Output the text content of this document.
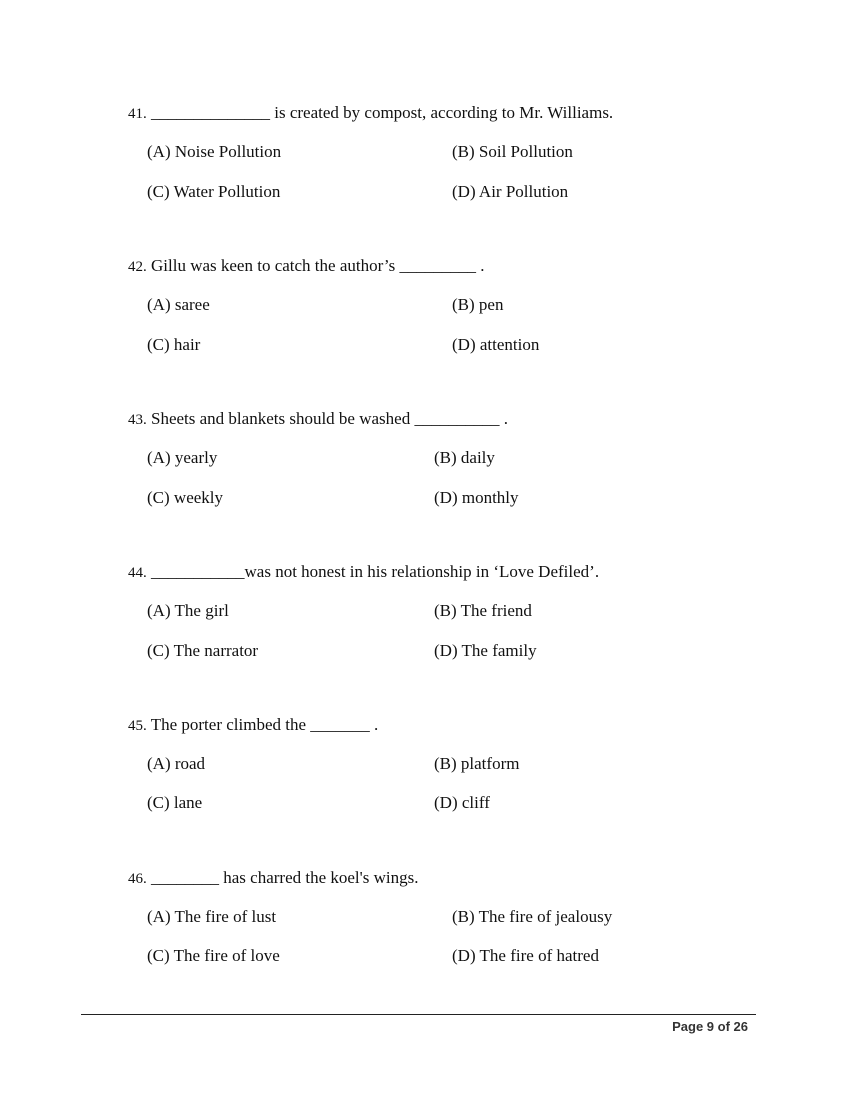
41. ______________ is created by compost, according to Mr. Williams.
(A) Noise Pollution	(B) Soil Pollution
(C) Water Pollution	(D) Air Pollution
42. Gillu was keen to catch the author’s _________ .
(A) saree	(B) pen
(C) hair	(D) attention
43. Sheets and blankets should be washed __________ .
(A) yearly	(B) daily
(C) weekly	(D) monthly
44. ___________was not honest in his relationship in ‘Love Defiled’.
(A) The girl	(B) The friend
(C) The narrator	(D) The family
45. The porter climbed the _______ .
(A) road	(B) platform
(C) lane	(D) cliff
46. ________ has charred the koel's wings.
(A) The fire of lust	(B) The fire of jealousy
(C) The fire of love	(D) The fire of hatred
Page 9 of 26
